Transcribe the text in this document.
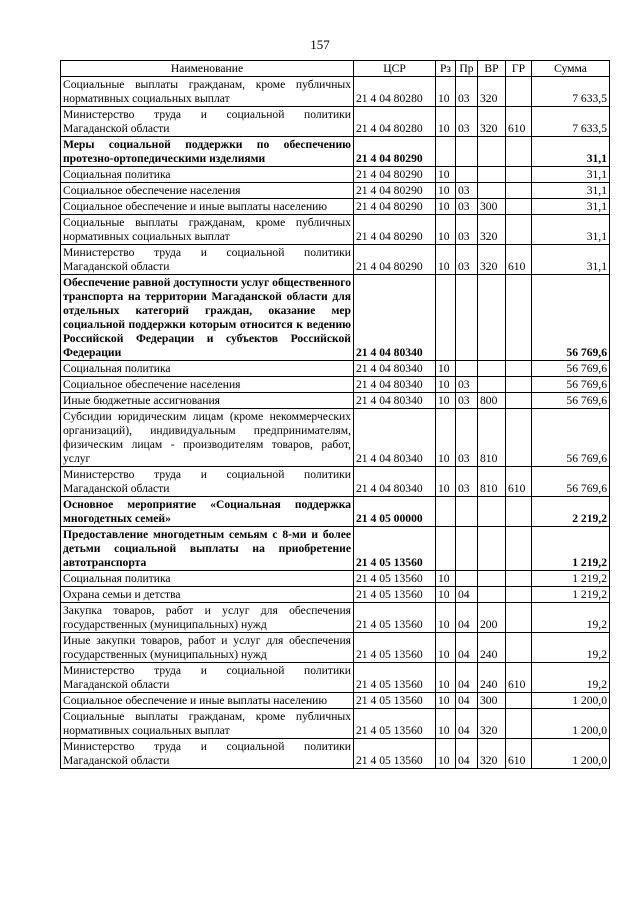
157
Наименование	ЦСР	Рз	Пр	ВР	ГР	Сумма
Социальные выплаты гражданам, кроме публичных нормативных социальных выплат	21 4 04 80280	10	03	320		7 633,5
Министерство труда и социальной политики Магаданской области	21 4 04 80280	10	03	320	610	7 633,5
Меры социальной поддержки по обеспечению протезно-ортопедическими изделиями	21 4 04 80290					31,1
Социальная политика	21 4 04 80290	10				31,1
Социальное обеспечение населения	21 4 04 80290	10	03			31,1
Социальное обеспечение и иные выплаты населению	21 4 04 80290	10	03	300		31,1
Социальные выплаты гражданам, кроме публичных нормативных социальных выплат	21 4 04 80290	10	03	320		31,1
Министерство труда и социальной политики Магаданской области	21 4 04 80290	10	03	320	610	31,1
Обеспечение равной доступности услуг общественного транспорта на территории Магаданской области для отдельных категорий граждан, оказание мер социальной поддержки которым относится к ведению Российской Федерации и субъектов Российской Федерации	21 4 04 80340					56 769,6
Социальная политика	21 4 04 80340	10				56 769,6
Социальное обеспечение населения	21 4 04 80340	10	03			56 769,6
Иные бюджетные ассигнования	21 4 04 80340	10	03	800		56 769,6
Субсидии юридическим лицам (кроме некоммерческих организаций), индивидуальным предпринимателям, физическим лицам - производителям товаров, работ, услуг	21 4 04 80340	10	03	810		56 769,6
Министерство труда и социальной политики Магаданской области	21 4 04 80340	10	03	810	610	56 769,6
Основное мероприятие «Социальная поддержка многодетных семей»	21 4 05 00000					2 219,2
Предоставление многодетным семьям с 8-ми и более детьми социальной выплаты на приобретение автотранспорта	21 4 05 13560					1 219,2
Социальная политика	21 4 05 13560	10				1 219,2
Охрана семьи и детства	21 4 05 13560	10	04			1 219,2
Закупка товаров, работ и услуг для обеспечения государственных (муниципальных) нужд	21 4 05 13560	10	04	200		19,2
Иные закупки товаров, работ и услуг для обеспечения государственных (муниципальных) нужд	21 4 05 13560	10	04	240		19,2
Министерство труда и социальной политики Магаданской области	21 4 05 13560	10	04	240	610	19,2
Социальное обеспечение и иные выплаты населению	21 4 05 13560	10	04	300		1 200,0
Социальные выплаты гражданам, кроме публичных нормативных социальных выплат	21 4 05 13560	10	04	320		1 200,0
Министерство труда и социальной политики Магаданской области	21 4 05 13560	10	04	320	610	1 200,0
